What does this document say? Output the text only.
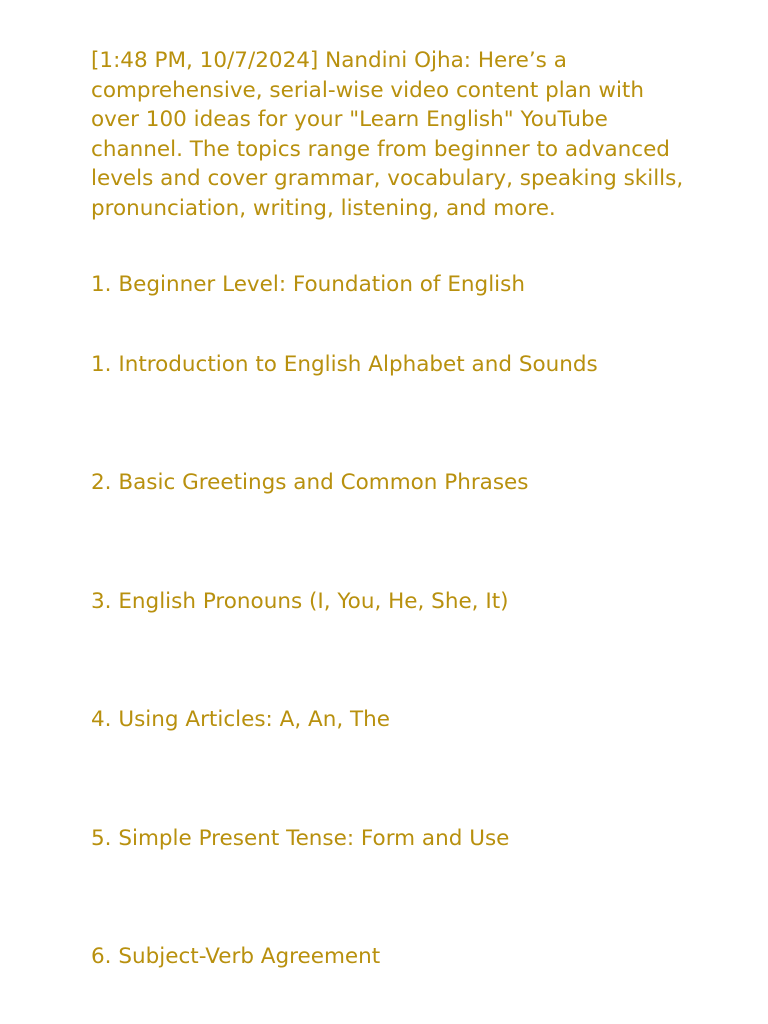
[1:48 PM, 10/7/2024] Nandini Ojha: Here’s a
comprehensive, serial-wise video content plan with
over 100 ideas for your "Learn English" YouTube
channel. The topics range from beginner to advanced
levels and cover grammar, vocabulary, speaking skills,
pronunciation, writing, listening, and more.

1. Beginner Level: Foundation of English

1. Introduction to English Alphabet and Sounds

2. Basic Greetings and Common Phrases

3. English Pronouns (I, You, He, She, It)

4. Using Articles: A, An, The

5. Simple Present Tense: Form and Use

6. Subject-Verb Agreement
